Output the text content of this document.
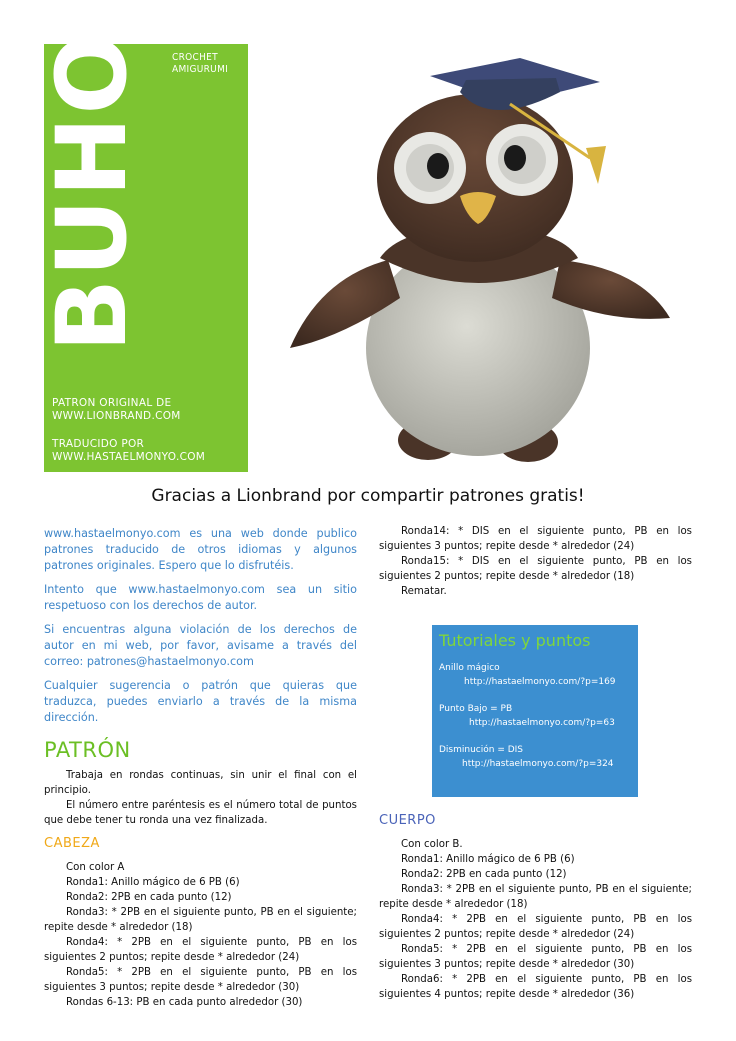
BUHO CROCHET
AMIGURUMI
PATRON ORIGINAL DE
WWW.LIONBRAND.COM
TRADUCIDO POR
WWW.HASTAELMONYO.COM
Gracias a Lionbrand por compartir patrones gratis!
www.hastaelmonyo.com es una web donde publico patrones traducido de otros idiomas y algunos patrones originales. Espero que lo disfrutéis.
Intento que www.hastaelmonyo.com sea un sitio respetuoso con los derechos de autor.
Si encuentras alguna violación de los derechos de autor en mi web, por favor, avisame a través del correo: patrones@hastaelmonyo.com
Cualquier sugerencia o patrón que quieras que traduzca, puedes enviarlo a través de la misma dirección.
PATRÓN
Trabaja en rondas continuas, sin unir el final con el principio.
El número entre paréntesis es el número total de puntos que debe tener tu ronda una vez finalizada.
CABEZA
Con color A
Ronda1: Anillo mágico de 6 PB (6)
Ronda2: 2PB en cada punto (12)
Ronda3: * 2PB en el siguiente punto, PB en el siguiente; repite desde * alrededor (18)
Ronda4: * 2PB en el siguiente punto, PB en los siguientes 2 puntos; repite desde * alrededor (24)
Ronda5: * 2PB en el siguiente punto, PB en los siguientes 3 puntos; repite desde * alrededor (30)
Rondas 6-13: PB en cada punto alrededor (30)
Ronda14: * DIS en el siguiente punto, PB en los siguientes 3 puntos; repite desde * alrededor (24)
Ronda15: * DIS en el siguiente punto, PB en los siguientes 2 puntos; repite desde * alrededor (18)
Rematar.
Tutoriales y puntos
Anillo mágico
http://hastaelmonyo.com/?p=169
Punto Bajo = PB
http://hastaelmonyo.com/?p=63
Disminución = DIS
http://hastaelmonyo.com/?p=324
CUERPO
Con color B.
Ronda1: Anillo mágico de 6 PB (6)
Ronda2: 2PB en cada punto (12)
Ronda3: * 2PB en el siguiente punto, PB en el siguiente; repite desde * alrededor (18)
Ronda4: * 2PB en el siguiente punto, PB en los siguientes 2 puntos; repite desde * alrededor (24)
Ronda5: * 2PB en el siguiente punto, PB en los siguientes 3 puntos; repite desde * alrededor (30)
Ronda6: * 2PB en el siguiente punto, PB en los siguientes 4 puntos; repite desde * alrededor (36)
